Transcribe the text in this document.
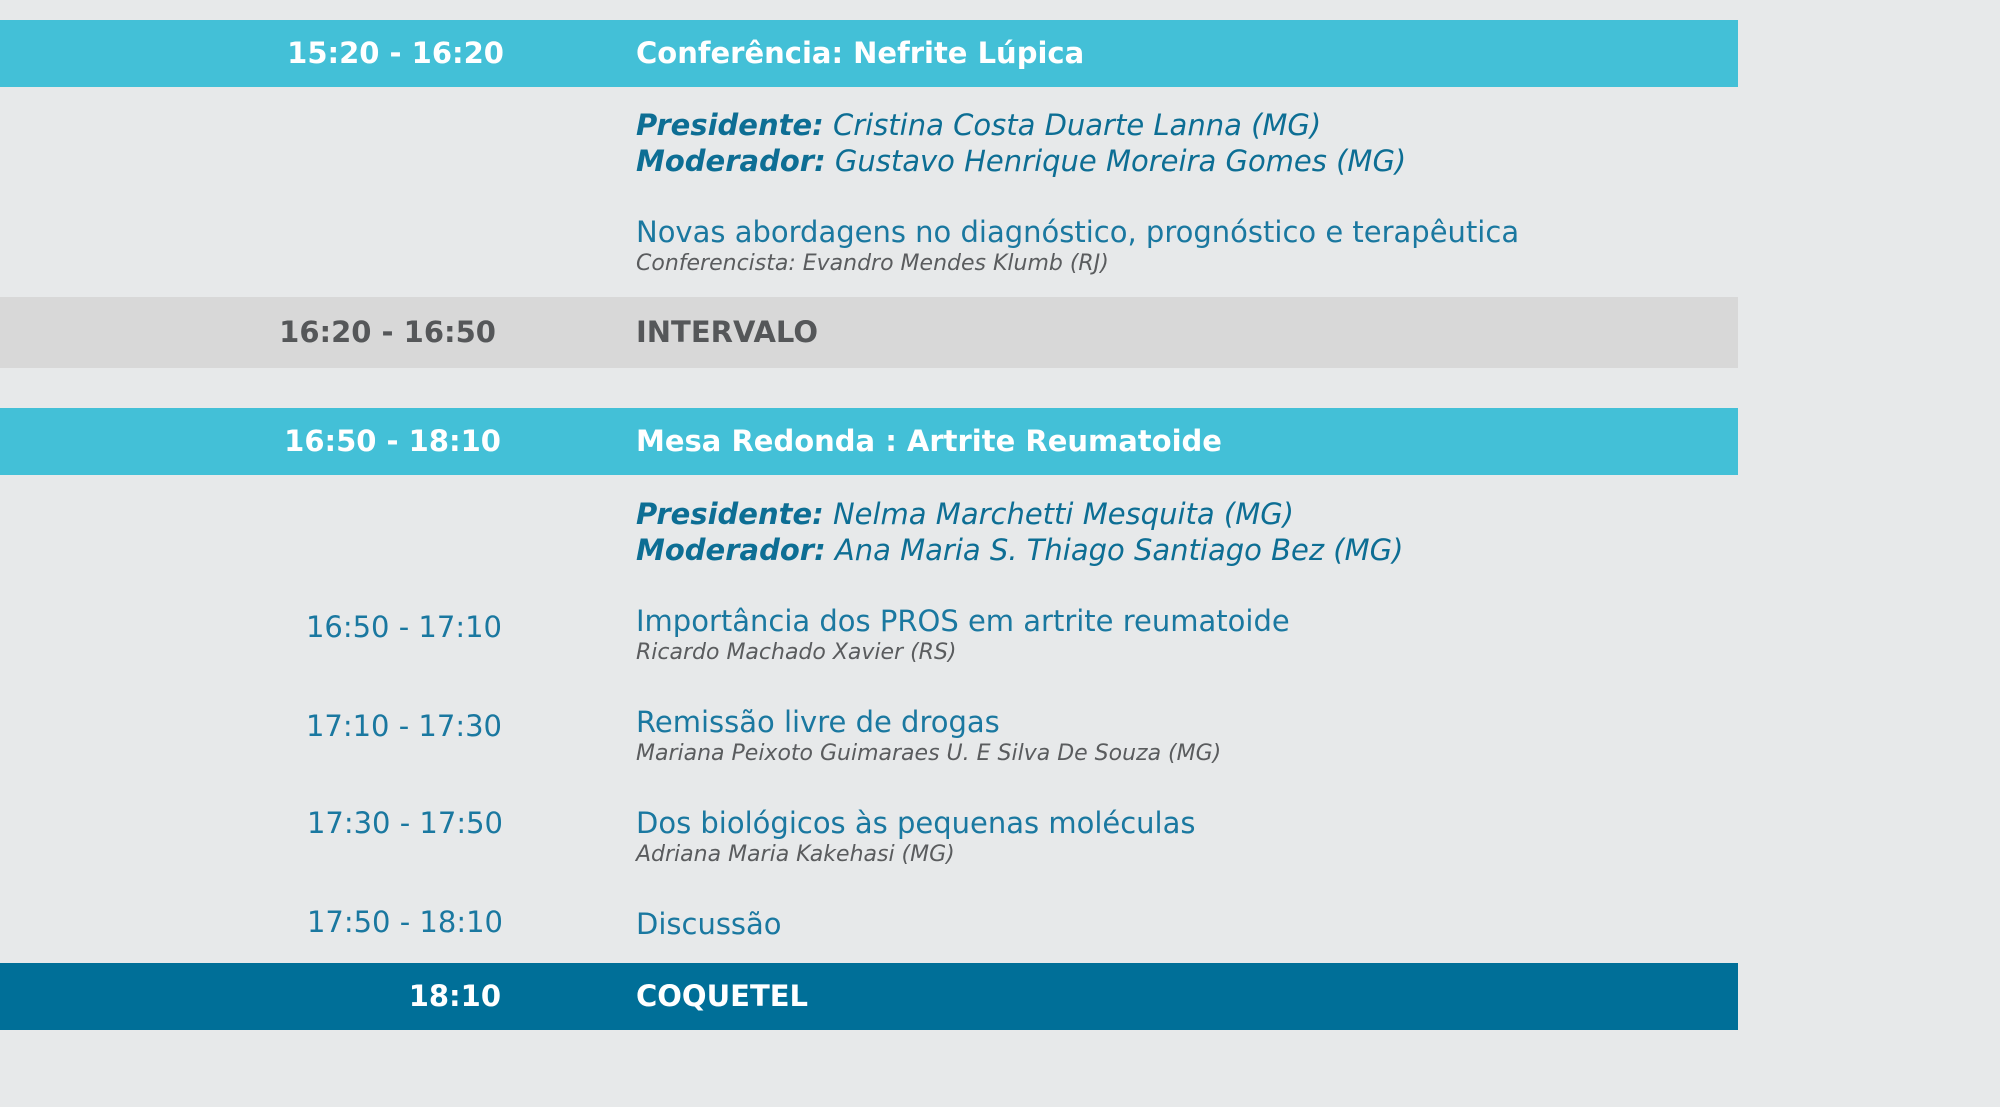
15:20 - 16:20	Conferência: Nefrite Lúpica
Presidente: Cristina Costa Duarte Lanna (MG)
Moderador: Gustavo Henrique Moreira Gomes (MG)
Novas abordagens no diagnóstico, prognóstico e terapêutica
Conferencista: Evandro Mendes Klumb (RJ)
16:20 - 16:50	INTERVALO
16:50 - 18:10	Mesa Redonda : Artrite Reumatoide
Presidente: Nelma Marchetti Mesquita (MG)
Moderador: Ana Maria S. Thiago Santiago Bez (MG)
16:50 - 17:10	Importância dos PROS em artrite reumatoide
Ricardo Machado Xavier (RS)
17:10 - 17:30	Remissão livre de drogas
Mariana Peixoto Guimaraes U. E Silva De Souza (MG)
17:30 - 17:50	Dos biológicos às pequenas moléculas
Adriana Maria Kakehasi (MG)
17:50 - 18:10	Discussão
18:10	COQUETEL
